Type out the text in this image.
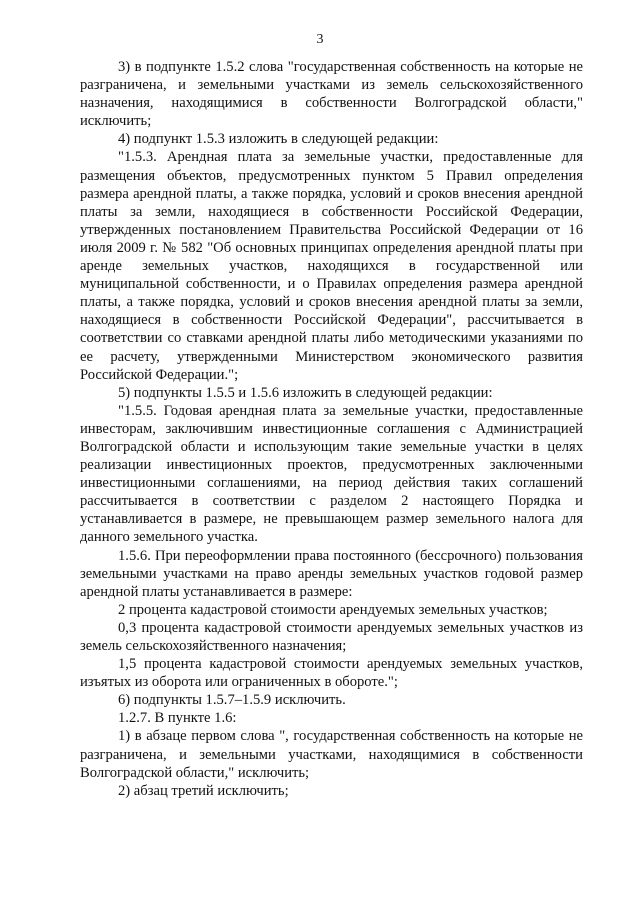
3

3) в подпункте 1.5.2 слова "государственная собственность на которые не разграничена, и земельными участками из земель сельскохозяйственного назначения, находящимися в собственности Волгоградской области," исключить;

4) подпункт 1.5.3 изложить в следующей редакции:

"1.5.3. Арендная плата за земельные участки, предоставленные для размещения объектов, предусмотренных пунктом 5 Правил определения размера арендной платы, а также порядка, условий и сроков внесения арендной платы за земли, находящиеся в собственности Российской Федерации, утвержденных постановлением Правительства Российской Федерации от 16 июля 2009 г. № 582 "Об основных принципах определения арендной платы при аренде земельных участков, находящихся в государственной или муниципальной собственности, и о Правилах определения размера арендной платы, а также порядка, условий и сроков внесения арендной платы за земли, находящиеся в собственности Российской Федерации", рассчитывается в соответствии со ставками арендной платы либо методическими указаниями по ее расчету, утвержденными Министерством экономического развития Российской Федерации.";

5) подпункты 1.5.5 и 1.5.6 изложить в следующей редакции:

"1.5.5. Годовая арендная плата за земельные участки, предоставленные инвесторам, заключившим инвестиционные соглашения с Администрацией Волгоградской области и использующим такие земельные участки в целях реализации инвестиционных проектов, предусмотренных заключенными инвестиционными соглашениями, на период действия таких соглашений рассчитывается в соответствии с разделом 2 настоящего Порядка и устанавливается в размере, не превышающем размер земельного налога для данного земельного участка.

1.5.6. При переоформлении права постоянного (бессрочного) пользования земельными участками на право аренды земельных участков годовой размер арендной платы устанавливается в размере:

2 процента кадастровой стоимости арендуемых земельных участков;

0,3 процента кадастровой стоимости арендуемых земельных участков из земель сельскохозяйственного назначения;

1,5 процента кадастровой стоимости арендуемых земельных участков, изъятых из оборота или ограниченных в обороте.";

6) подпункты 1.5.7–1.5.9 исключить.

1.2.7. В пункте 1.6:

1) в абзаце первом слова ", государственная собственность на которые не разграничена, и земельными участками, находящимися в собственности Волгоградской области," исключить;

2) абзац третий исключить;
